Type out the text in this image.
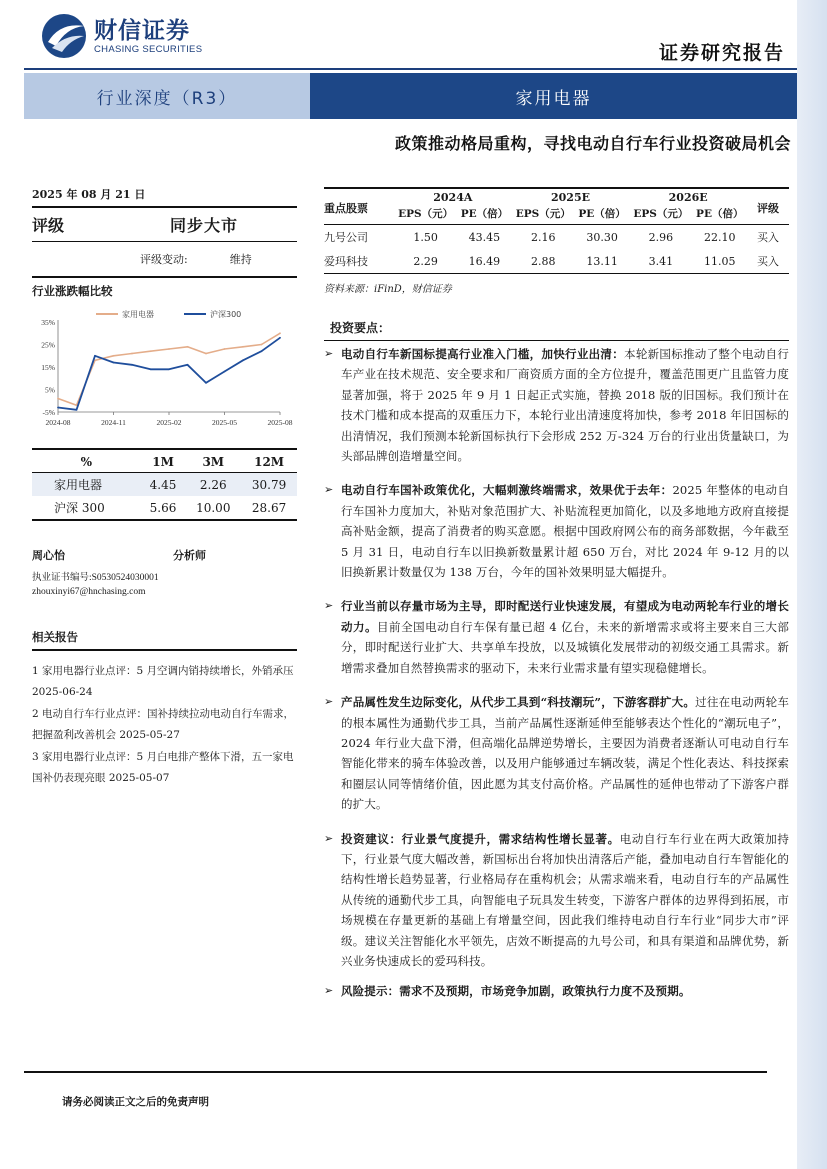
财信证券
CHASING SECURITIES	证券研究报告
行业深度（R3）	家用电器
政策推动格局重构，寻找电动自行车行业投资破局机会
2025 年 08 月 21 日
评级	同步大市
评级变动:	维持
行业涨跌幅比较
35%
25%
15%
5%
-5%
2024-08	2024-11	2025-02	2025-05	2025-08
家用电器	沪深300
%	1M	3M	12M
家用电器	4.45	2.26	30.79
沪深 300	5.66	10.00	28.67
周心怡	分析师
执业证书编号:S0530524030001
zhouxinyi67@hnchasing.com
相关报告
1 家用电器行业点评：5 月空调内销持续增长，外销承压 2025-06-24
2 电动自行车行业点评：国补持续拉动电动自行车需求，把握盈利改善机会 2025-05-27
3 家用电器行业点评：5 月白电排产整体下滑，五一家电国补仍表现亮眼 2025-05-07
重点股票	2024A		2025E		2026E		评级
	EPS（元）	PE（倍）	EPS（元）	PE（倍）	EPS（元）	PE（倍）	
九号公司	1.50	43.45	2.16	30.30	2.96	22.10	买入
爱玛科技	2.29	16.49	2.88	13.11	3.41	11.05	买入
资料来源：iFinD，财信证券
投资要点：
➢ 电动自行车新国标提高行业准入门槛，加快行业出清：本轮新国标推动了整个电动自行车产业在技术规范、安全要求和厂商资质方面的全方位提升，覆盖范围更广且监管力度显著加强，将于 2025 年 9 月 1 日起正式实施，替换 2018 版的旧国标。我们预计在技术门槛和成本提高的双重压力下，本轮行业出清速度将加快，参考 2018 年旧国标的出清情况，我们预测本轮新国标执行下会形成 252 万-324 万台的行业出货量缺口，为头部品牌创造增量空间。
➢ 电动自行车国补政策优化，大幅刺激终端需求，效果优于去年：2025 年整体的电动自行车国补力度加大，补贴对象范围扩大、补贴流程更加简化，以及多地地方政府直接提高补贴金额，提高了消费者的购买意愿。根据中国政府网公布的商务部数据，今年截至 5 月 31 日，电动自行车以旧换新数量累计超 650 万台，对比 2024 年 9-12 月的以旧换新累计数量仅为 138 万台，今年的国补效果明显大幅提升。
➢ 行业当前以存量市场为主导，即时配送行业快速发展，有望成为电动两轮车行业的增长动力。目前全国电动自行车保有量已超 4 亿台，未来的新增需求或将主要来自三大部分，即时配送行业扩大、共享单车投放，以及城镇化发展带动的初级交通工具需求。新增需求叠加自然替换需求的驱动下，未来行业需求量有望实现稳健增长。
➢ 产品属性发生边际变化，从代步工具到“科技潮玩”，下游客群扩大。过往在电动两轮车的根本属性为通勤代步工具，当前产品属性逐渐延伸至能够表达个性化的“潮玩电子”，2024 年行业大盘下滑，但高端化品牌逆势增长，主要因为消费者逐渐认可电动自行车智能化带来的骑车体验改善，以及用户能够通过车辆改装，满足个性化表达、科技探索和圈层认同等情绪价值，因此愿为其支付高价格。产品属性的延伸也带动了下游客户群的扩大。
➢ 投资建议：行业景气度提升，需求结构性增长显著。电动自行车行业在两大政策加持下，行业景气度大幅改善，新国标出台将加快出清落后产能，叠加电动自行车智能化的结构性增长趋势显著，行业格局存在重构机会；从需求端来看，电动自行车的产品属性从传统的通勤代步工具，向智能电子玩具发生转变，下游客户群体的边界得到拓展，市场规模在存量更新的基础上有增量空间，因此我们维持电动自行车行业“同步大市”评级。建议关注智能化水平领先，店效不断提高的九号公司，和具有渠道和品牌优势，新兴业务快速成长的爱玛科技。
➢ 风险提示：需求不及预期，市场竞争加剧，政策执行力度不及预期。
请务必阅读正文之后的免责声明
